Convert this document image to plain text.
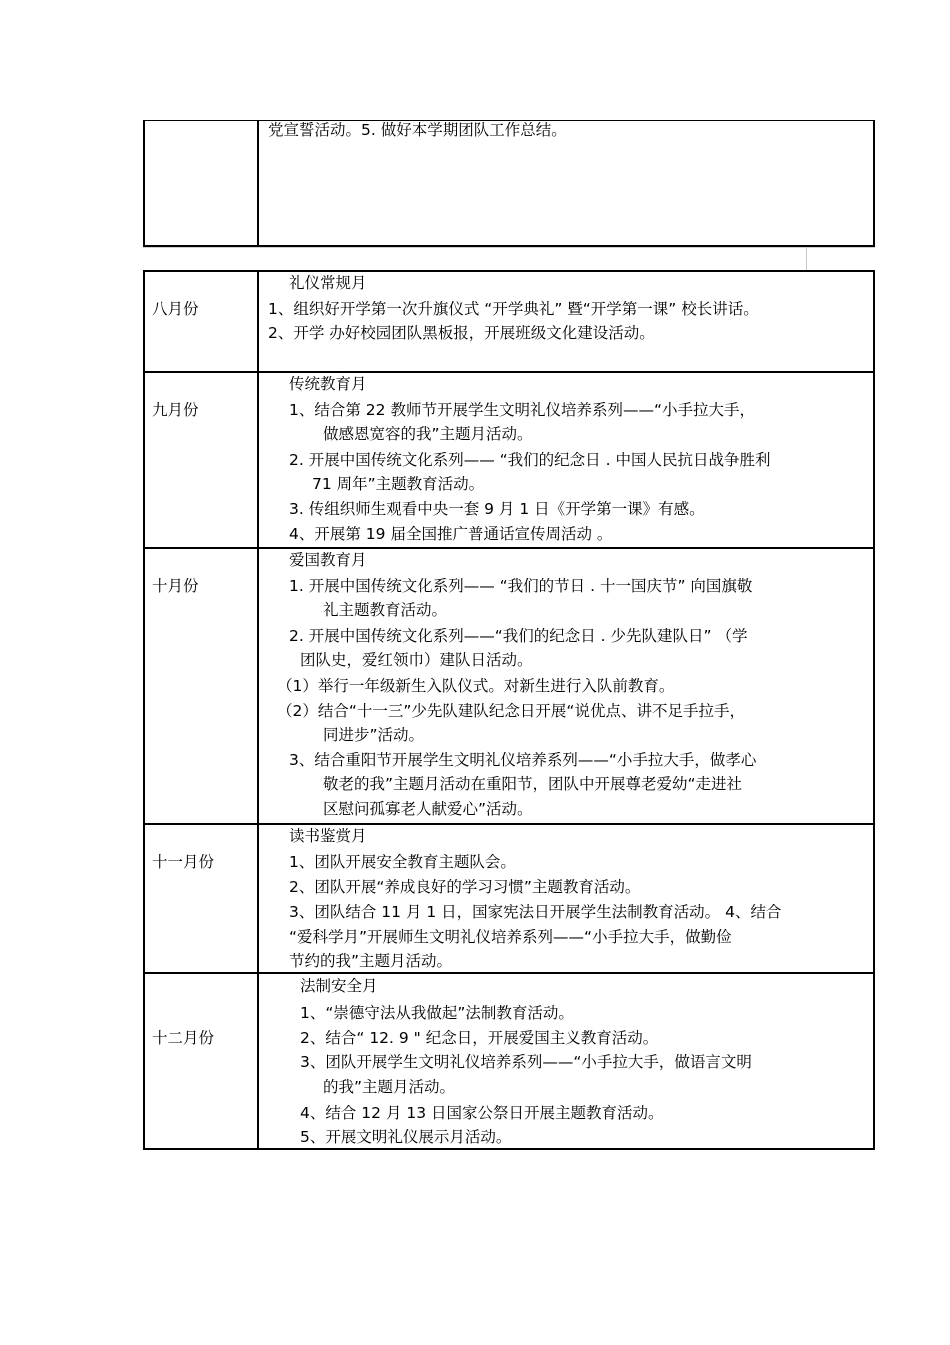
党宣誓活动。5. 做好本学期团队工作总结。
八月份
礼仪常规月
1、组织好开学第一次升旗仪式 “开学典礼” 暨“开学第一课” 校长讲话。
2、开学 办好校园团队黑板报，开展班级文化建设活动。
九月份
传统教育月
1、结合第 22 教师节开展学生文明礼仪培养系列——“小手拉大手，
做感恩宽容的我”主题月活动。
2. 开展中国传统文化系列—— “我们的纪念日 . 中国人民抗日战争胜利
71 周年”主题教育活动。
3. 传组织师生观看中央一套 9 月 1 日《开学第一课》有感。
4、开展第 19 届全国推广普通话宣传周活动 。
十月份
爱国教育月
1. 开展中国传统文化系列—— “我们的节日 . 十一国庆节” 向国旗敬
礼主题教育活动。
2. 开展中国传统文化系列——“我们的纪念日 . 少先队建队日” （学
团队史，爱红领巾）建队日活动。
（1）举行一年级新生入队仪式。对新生进行入队前教育。
（2）结合“十一三”少先队建队纪念日开展“说优点、讲不足手拉手，
同进步”活动。
3、结合重阳节开展学生文明礼仪培养系列——“小手拉大手，做孝心
敬老的我”主题月活动在重阳节，团队中开展尊老爱幼“走进社
区慰问孤寡老人献爱心”活动。
十一月份
读书鉴赏月
1、团队开展安全教育主题队会。
2、团队开展“养成良好的学习习惯”主题教育活动。
3、团队结合 11 月 1 日，国家宪法日开展学生法制教育活动。 4、结合
“爱科学月”开展师生文明礼仪培养系列——“小手拉大手，做勤俭
节约的我”主题月活动。
十二月份
法制安全月
1、“崇德守法从我做起”法制教育活动。
2、结合“ 12. 9 " 纪念日，开展爱国主义教育活动。
3、团队开展学生文明礼仪培养系列——“小手拉大手，做语言文明
的我”主题月活动。
4、结合 12 月 13 日国家公祭日开展主题教育活动。
5、开展文明礼仪展示月活动。
